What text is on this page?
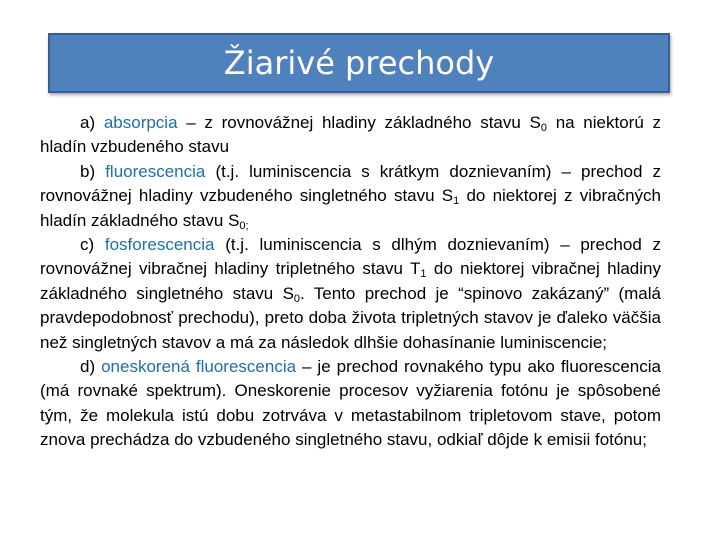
Žiarivé prechody

a) absorpcia – z rovnovážnej hladiny základného stavu $S_0$ na niektorú z hladín vzbudeného stavu

b) fluorescencia (t.j. luminiscencia s krátkym doznievaním) – prechod z rovnovážnej hladiny vzbudeného singletného stavu $S_1$ do niektorej z vibračných hladín základného stavu $S_{0;}$

c) fosforescencia (t.j. luminiscencia s dlhým doznievaním) – prechod z rovnovážnej vibračnej hladiny tripletného stavu $T_1$ do niektorej vibračnej hladiny základného singletného stavu $S_0$. Tento prechod je “spinovo zakázaný” (malá pravdepodobnosť prechodu), preto doba života tripletných stavov je ďaleko väčšia než singletných stavov a má za následok dlhšie dohasínanie luminiscencie;

d) oneskorená fluorescencia – je prechod rovnakého typu ako fluorescencia (má rovnaké spektrum). Oneskorenie procesov vyžiarenia fotónu je spôsobené tým, že molekula istú dobu zotrváva v metastabilnom tripletovom stave, potom znova prechádza do vzbudeného singletného stavu, odkiaľ dôjde k emisii fotónu;
